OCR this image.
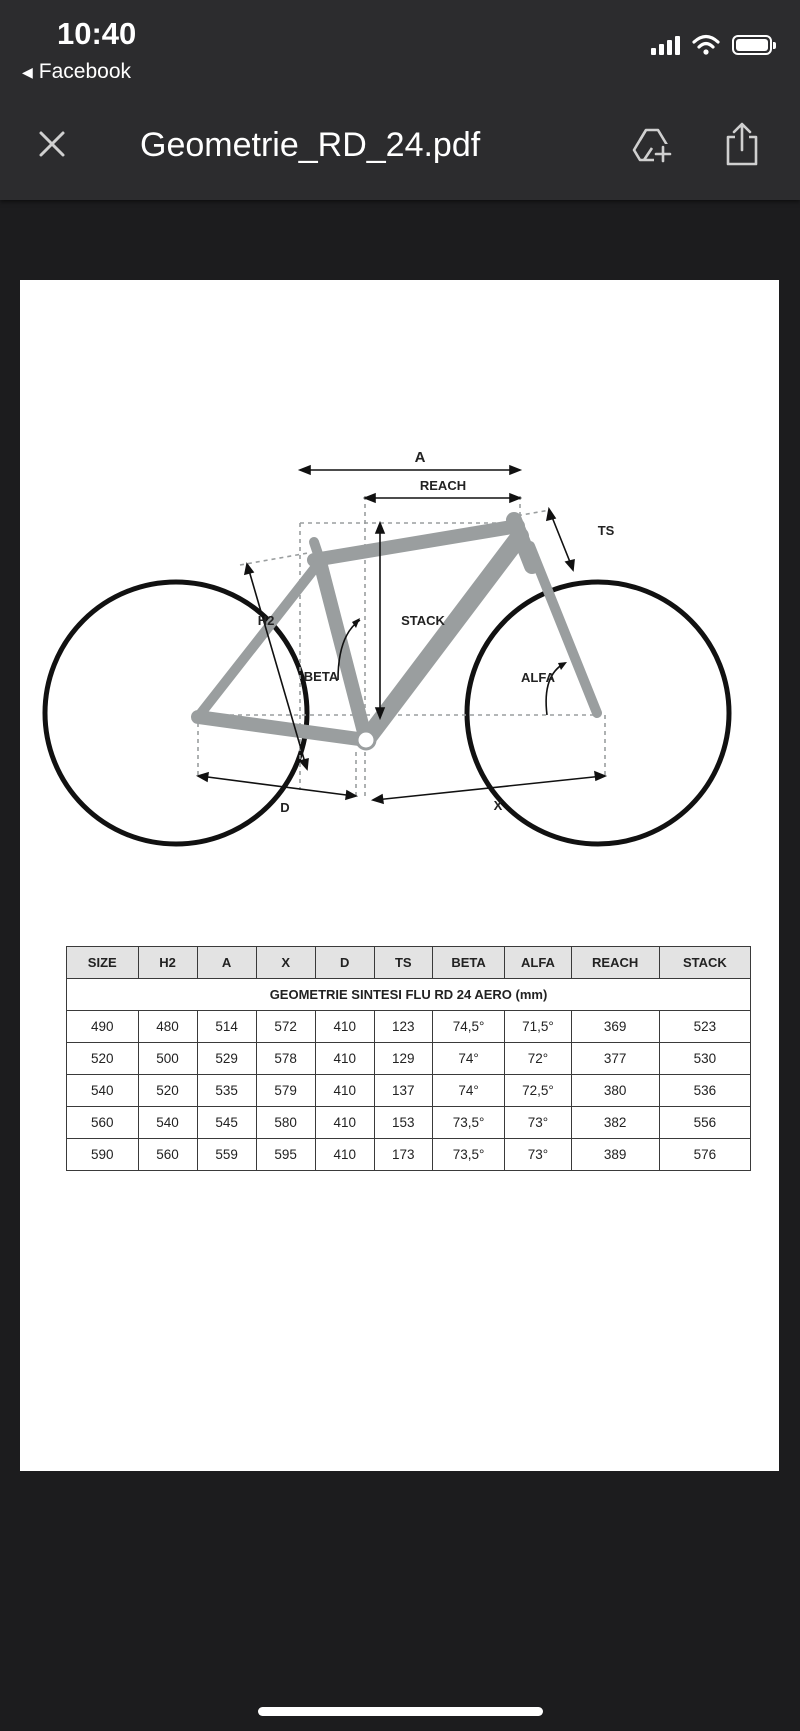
10:40
◀ Facebook
Geometrie_RD_24.pdf
A
REACH
TS
H2	STACK
BETA	ALFA
D	X
SIZE	H2	A	X	D	TS	BETA	ALFA	REACH	STACK
GEOMETRIE SINTESI FLU RD 24 AERO (mm)									
490	480	514	572	410	123	74,5°	71,5°	369	523
520	500	529	578	410	129	74°	72°	377	530
540	520	535	579	410	137	74°	72,5°	380	536
560	540	545	580	410	153	73,5°	73°	382	556
590	560	559	595	410	173	73,5°	73°	389	576
